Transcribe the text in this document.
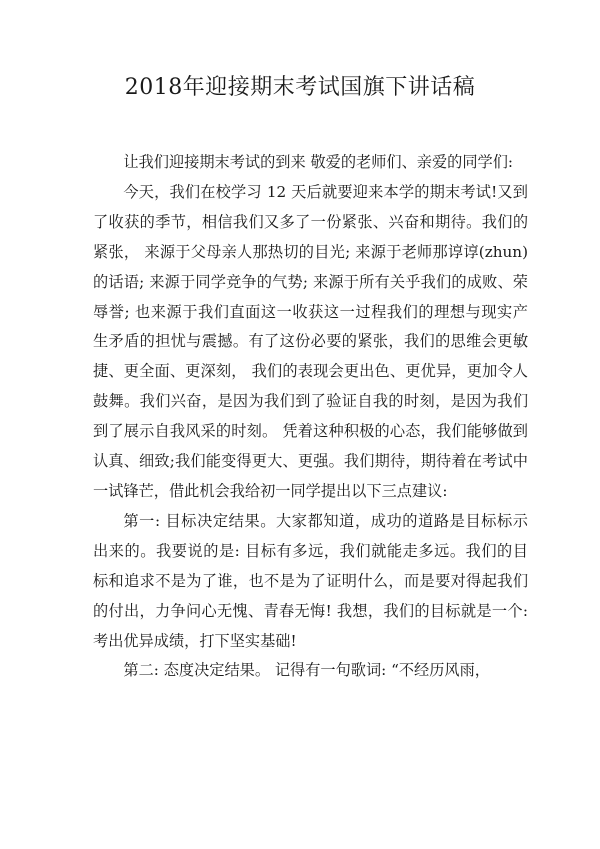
2018年迎接期末考试国旗下讲话稿

让我们迎接期末考试的到来 敬爱的老师们、亲爱的同学们:

今天，我们在校学习 12 天后就要迎来本学的期末考试!又到了收获的季节，相信我们又多了一份紧张、兴奋和期待。我们的紧张， 来源于父母亲人那热切的目光; 来源于老师那谆谆(zhun)的话语; 来源于同学竞争的气势; 来源于所有关乎我们的成败、荣辱誉; 也来源于我们直面这一收获这一过程我们的理想与现实产生矛盾的担忧与震撼。有了这份必要的紧张，我们的思维会更敏捷、更全面、更深刻， 我们的表现会更出色、更优异，更加令人鼓舞。我们兴奋，是因为我们到了验证自我的时刻，是因为我们到了展示自我风采的时刻。 凭着这种积极的心态，我们能够做到认真、细致;我们能变得更大、更强。我们期待，期待着在考试中一试锋芒，借此机会我给初一同学提出以下三点建议:

第一: 目标决定结果。大家都知道，成功的道路是目标标示出来的。我要说的是: 目标有多远，我们就能走多远。我们的目标和追求不是为了谁，也不是为了证明什么，而是要对得起我们的付出，力争问心无愧、青春无悔! 我想，我们的目标就是一个: 考出优异成绩，打下坚实基础!

第二: 态度决定结果。 记得有一句歌词: “不经历风雨，
